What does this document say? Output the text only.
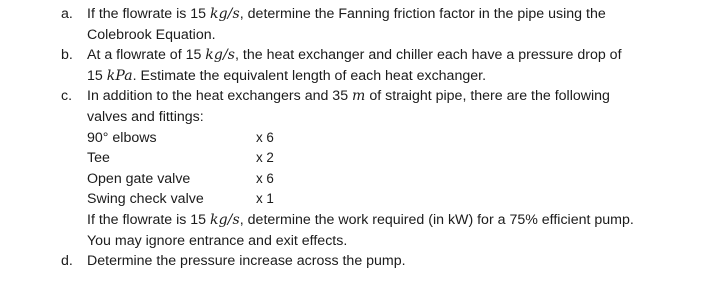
a. If the flowrate is 15 kg/s, determine the Fanning friction factor in the pipe using the
Colebrook Equation.
b. At a flowrate of 15 kg/s, the heat exchanger and chiller each have a pressure drop of
15 kPa. Estimate the equivalent length of each heat exchanger.
c.	In addition to the heat exchangers and 35 m of straight pipe, there are the following
valves and fittings:
90° elbows	x 6
Tee	x 2
Open gate valve	x 6
Swing check valve	x 1
If the flowrate is 15 kg/s, determine the work required (in kW) for a 75% efficient pump.
You may ignore entrance and exit effects.
d. Determine the pressure increase across the pump.
